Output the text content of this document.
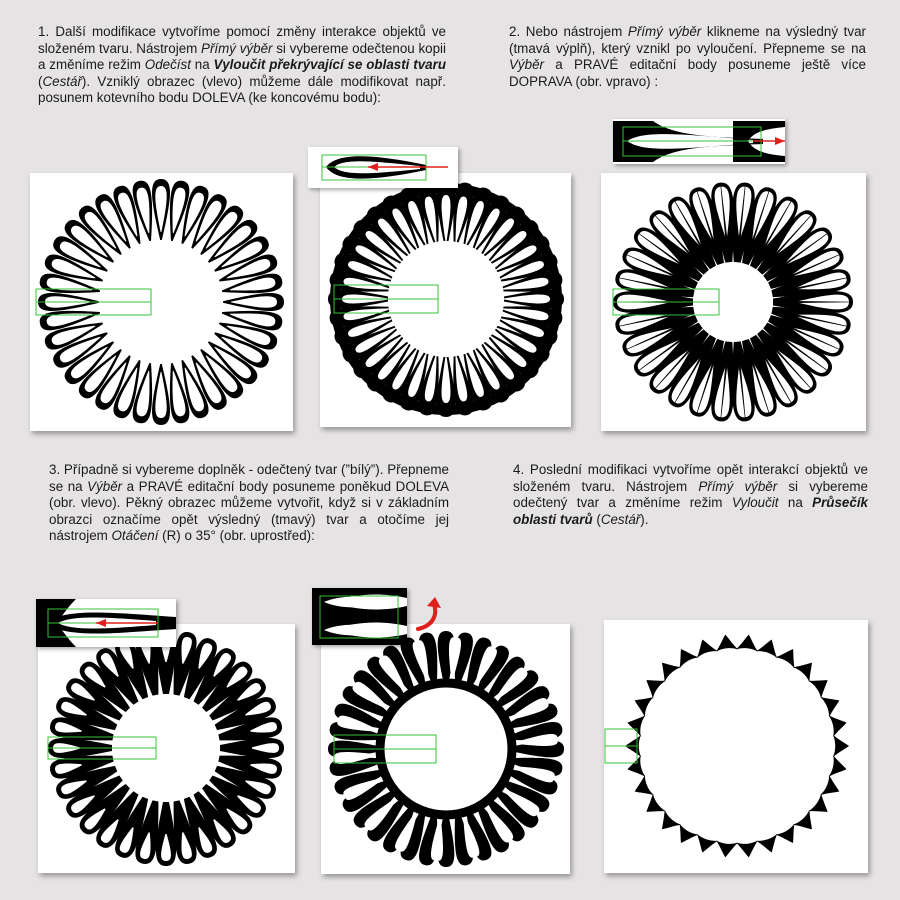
1. Další modifikace vytvoříme pomocí změny interakce objektů ve složeném tvaru. Nástrojem Přímý výběr si vybereme odečtenou kopii a změníme režim Odečíst na Vyloučit překrývající se oblasti tvaru (Cestář). Vzniklý obrazec (vlevo) můžeme dále modifikovat např. posunem kotevního bodu DOLEVA (ke koncovému bodu):
2. Nebo nástrojem Přímý výběr klikneme na výsledný tvar (tmavá výplň), který vznikl po vyloučení. Přepneme se na Výběr a PRAVÉ editační body posuneme ještě více DOPRAVA (obr. vpravo) :
3. Případně si vybereme doplněk - odečtený tvar (”bílý”). Přepneme se na Výběr a PRAVÉ editační body posuneme poněkud DOLEVA (obr. vlevo). Pěkný obrazec můžeme vytvořit, když si v základním obrazci označíme opět výsledný (tmavý) tvar a otočíme jej nástrojem Otáčení (R) o 35° (obr. uprostřed):
4. Poslední modifikaci vytvoříme opět interakcí objektů ve složeném tvaru. Nástrojem Přímý výběr si vybereme odečtený tvar a změníme režim Vyloučit na Průsečík oblasti tvarů (Cestář).
